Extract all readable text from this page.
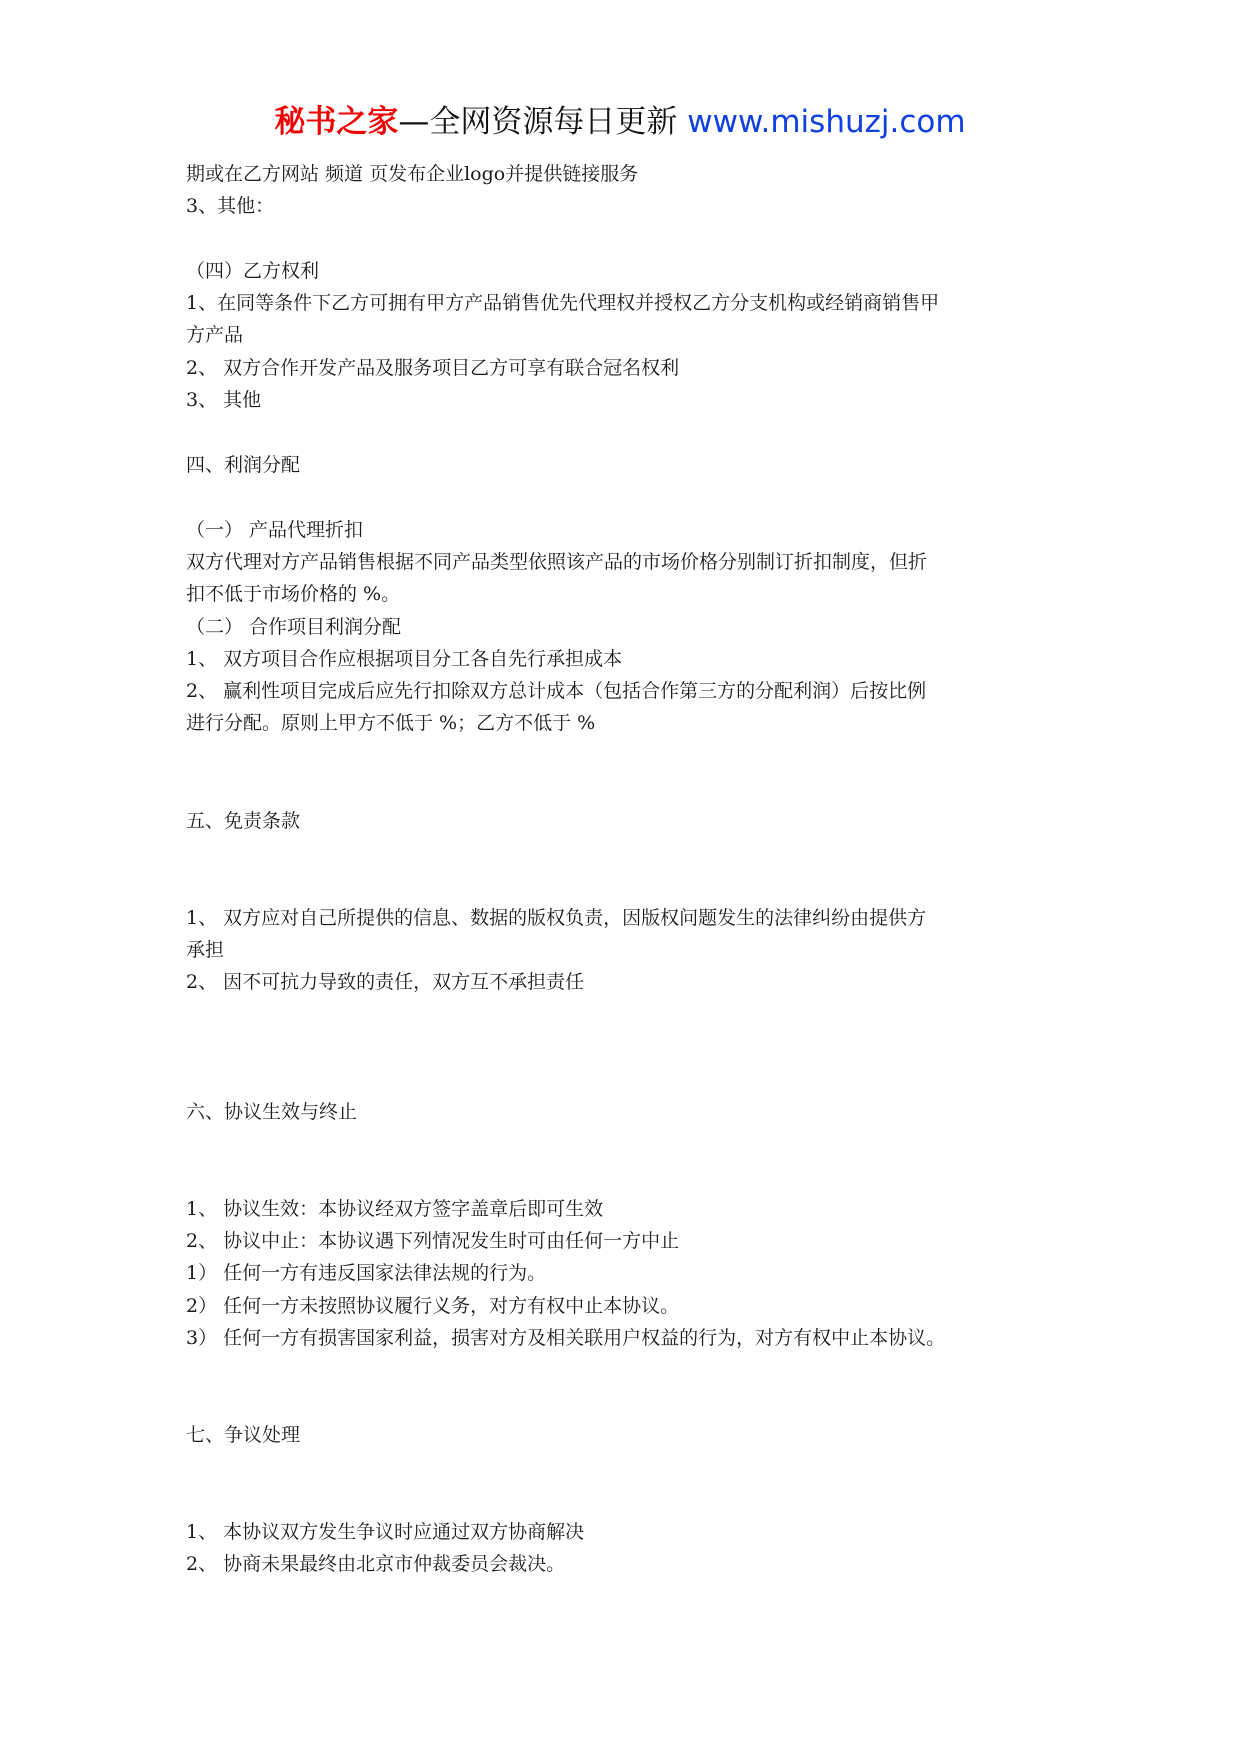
秘书之家—全网资源每日更新 www.mishuzj.com
期或在乙方网站 频道 页发布企业logo并提供链接服务
3、其他：
（四）乙方权利
1、在同等条件下乙方可拥有甲方产品销售优先代理权并授权乙方分支机构或经销商销售甲
方产品
2、 双方合作开发产品及服务项目乙方可享有联合冠名权利
3、 其他
四、利润分配
（一） 产品代理折扣
双方代理对方产品销售根据不同产品类型依照该产品的市场价格分别制订折扣制度，但折
扣不低于市场价格的 %。
（二） 合作项目利润分配
1、 双方项目合作应根据项目分工各自先行承担成本
2、 赢利性项目完成后应先行扣除双方总计成本（包括合作第三方的分配利润）后按比例
进行分配。原则上甲方不低于 %；乙方不低于 %
五、免责条款
1、 双方应对自己所提供的信息、数据的版权负责，因版权问题发生的法律纠纷由提供方
承担
2、 因不可抗力导致的责任，双方互不承担责任
六、协议生效与终止
1、 协议生效：本协议经双方签字盖章后即可生效
2、 协议中止：本协议遇下列情况发生时可由任何一方中止
1） 任何一方有违反国家法律法规的行为。
2） 任何一方未按照协议履行义务，对方有权中止本协议。
3） 任何一方有损害国家利益，损害对方及相关联用户权益的行为，对方有权中止本协议。
七、争议处理
1、 本协议双方发生争议时应通过双方协商解决
2、 协商未果最终由北京市仲裁委员会裁决。
